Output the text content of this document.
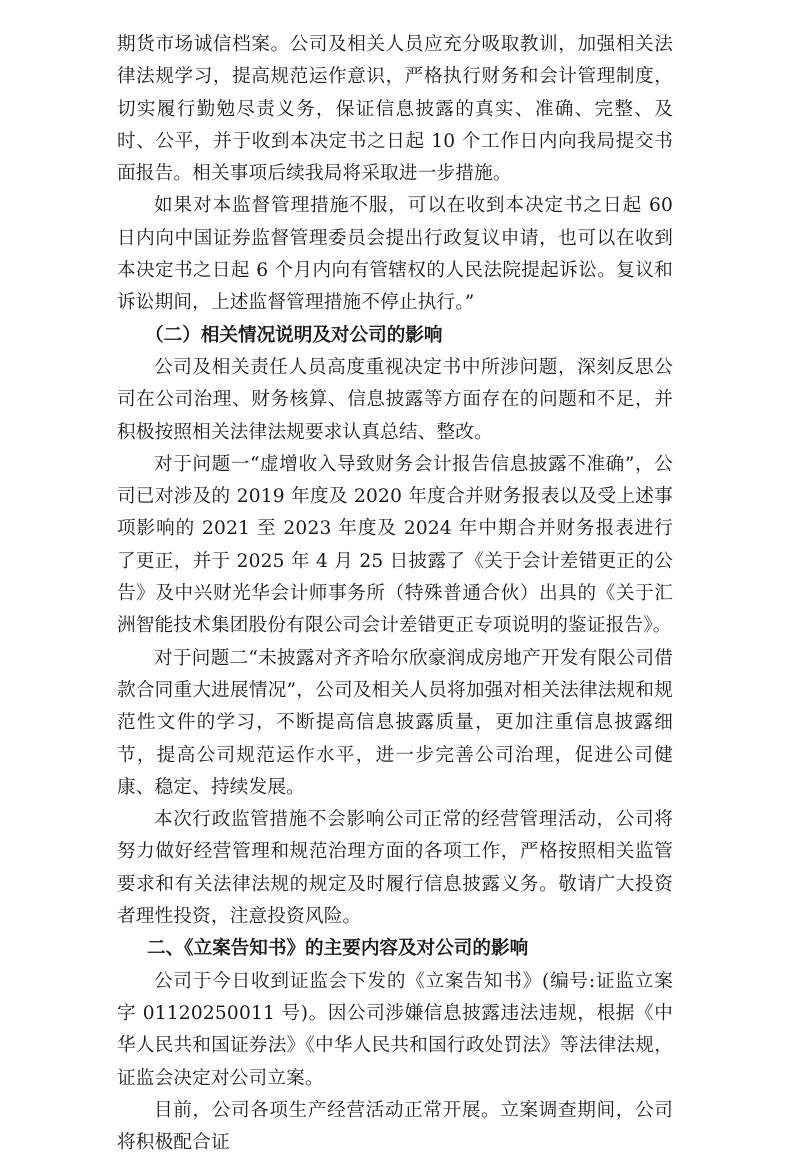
期货市场诚信档案。公司及相关人员应充分吸取教训，加强相关法律法规学习，提高规范运作意识，严格执行财务和会计管理制度，切实履行勤勉尽责义务，保证信息披露的真实、准确、完整、及时、公平，并于收到本决定书之日起 10 个工作日内向我局提交书面报告。相关事项后续我局将采取进一步措施。

如果对本监督管理措施不服，可以在收到本决定书之日起 60 日内向中国证券监督管理委员会提出行政复议申请，也可以在收到本决定书之日起 6 个月内向有管辖权的人民法院提起诉讼。复议和诉讼期间，上述监督管理措施不停止执行。”

（二）相关情况说明及对公司的影响

公司及相关责任人员高度重视决定书中所涉问题，深刻反思公司在公司治理、财务核算、信息披露等方面存在的问题和不足，并积极按照相关法律法规要求认真总结、整改。

对于问题一“虚增收入导致财务会计报告信息披露不准确”，公司已对涉及的 2019 年度及 2020 年度合并财务报表以及受上述事项影响的 2021 至 2023 年度及 2024 年中期合并财务报表进行了更正，并于 2025 年 4 月 25 日披露了《关于会计差错更正的公告》及中兴财光华会计师事务所（特殊普通合伙）出具的《关于汇洲智能技术集团股份有限公司会计差错更正专项说明的鉴证报告》。

对于问题二“未披露对齐齐哈尔欣豪润成房地产开发有限公司借款合同重大进展情况”，公司及相关人员将加强对相关法律法规和规范性文件的学习，不断提高信息披露质量，更加注重信息披露细节，提高公司规范运作水平，进一步完善公司治理，促进公司健康、稳定、持续发展。

本次行政监管措施不会影响公司正常的经营管理活动，公司将努力做好经营管理和规范治理方面的各项工作，严格按照相关监管要求和有关法律法规的规定及时履行信息披露义务。敬请广大投资者理性投资，注意投资风险。

二、《立案告知书》的主要内容及对公司的影响

公司于今日收到证监会下发的《立案告知书》(编号:证监立案字 01120250011 号)。因公司涉嫌信息披露违法违规，根据《中华人民共和国证券法》《中华人民共和国行政处罚法》等法律法规，证监会决定对公司立案。

目前，公司各项生产经营活动正常开展。立案调查期间，公司将积极配合证
